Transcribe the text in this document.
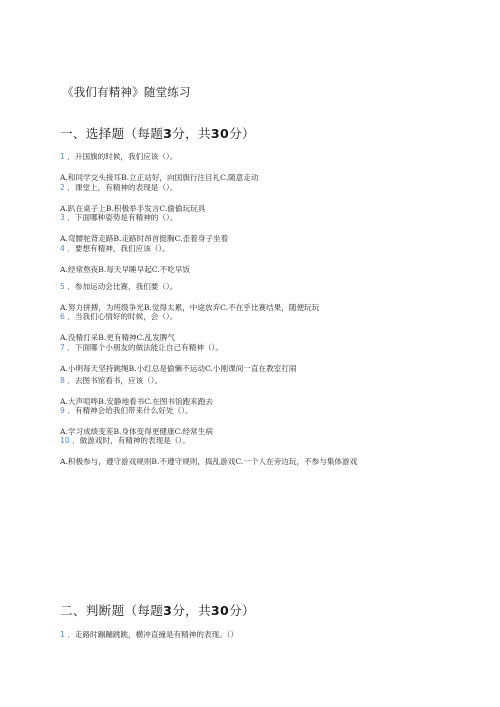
《我们有精神》随堂练习
一、选择题（每题3分，共30分）
1 ．升国旗的时候，我们应该（）。
A.和同学交头接耳B.立正站好，向国旗行注目礼C.随意走动
2 ．课堂上，有精神的表现是（）。
A.趴在桌子上B.积极举手发言C.偷偷玩玩具
3 ．下面哪种姿势是有精神的（）。
A.弯腰驼背走路B.走路时昂首挺胸C.歪着身子坐着
4 ．要想有精神，我们应该（）。
A.经常熬夜B.每天早睡早起C.不吃早饭
5 ．参加运动会比赛，我们要（）。
A.努力拼搏，为班级争光B.觉得太累，中途放弃C.不在乎比赛结果，随便玩玩
6 ．当我们心情好的时候，会（）。
A.没精打采B.更有精神C.乱发脾气
7 ．下面哪个小朋友的做法能让自己有精神（）。
A.小明每天坚持跳绳B.小红总是偷懒不运动C.小刚课间一直在教室打闹
8 ．去图书馆看书，应该（）。
A.大声喧哗B.安静地看书C.在图书馆跑来跑去
9 ．有精神会给我们带来什么好处（）。
A.学习成绩变差B.身体变得更健康C.经常生病
10 ．做游戏时，有精神的表现是（）。
A.积极参与，遵守游戏规则B.不遵守规则，捣乱游戏C.一个人在旁边玩，不参与集体游戏
二、判断题（每题3分，共30分）
1 ．走路时蹦蹦跳跳，横冲直撞是有精神的表现。（）
